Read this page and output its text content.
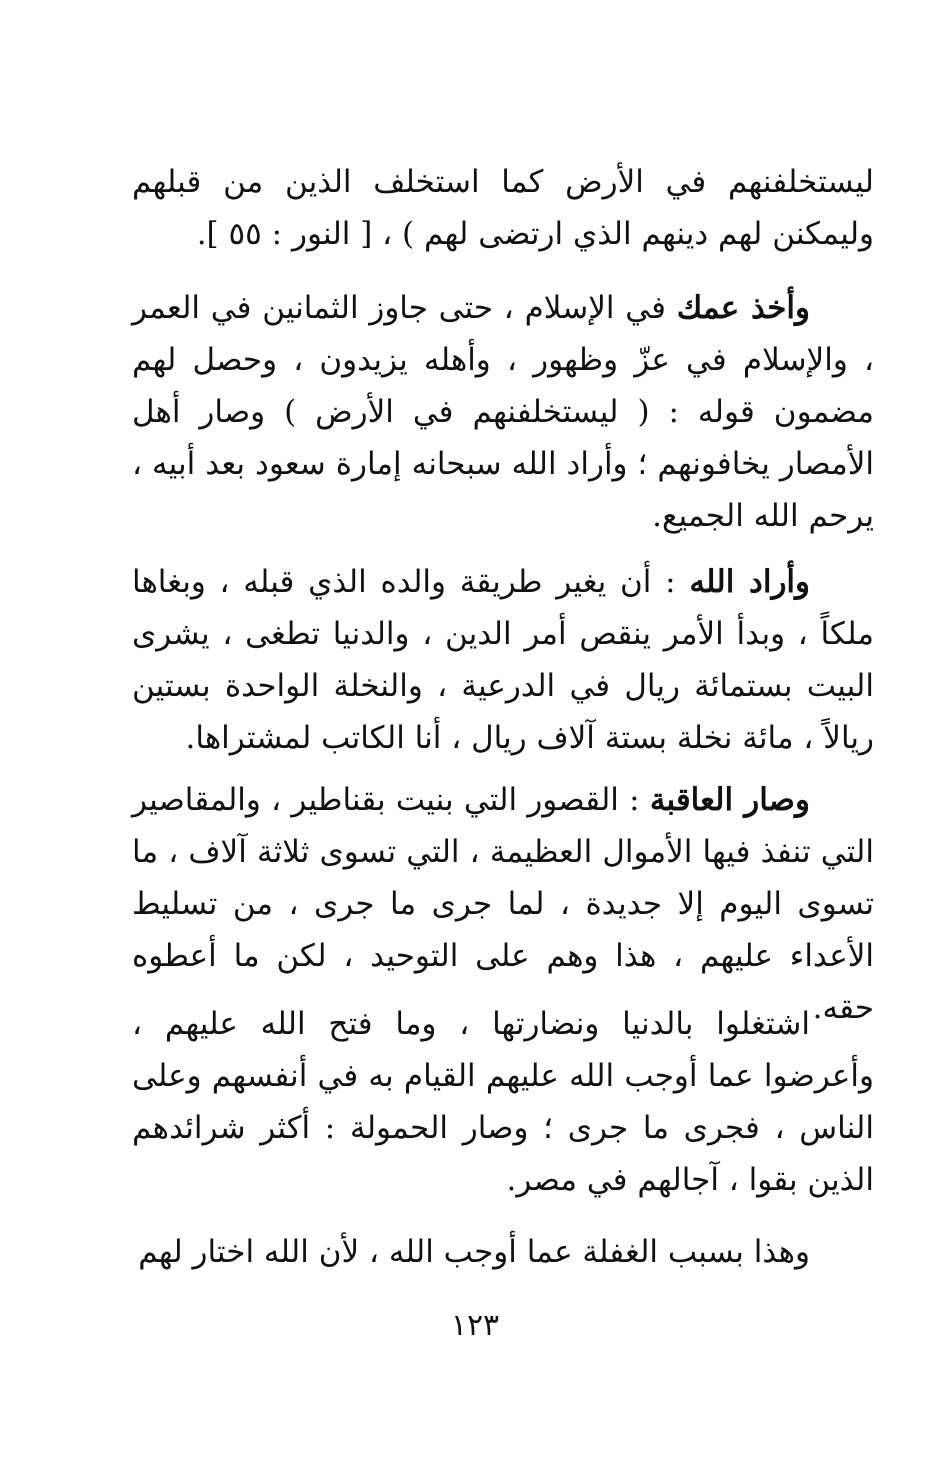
ليستخلفنهم في الأرض كما استخلف الذين من قبلهم وليمكنن لهم دينهم الذي ارتضى لهم ) ، [ النور : ٥٥ ].

وأخذ عمك في الإسلام ، حتى جاوز الثمانين في العمر ، والإسلام في عزّ وظهور ، وأهله يزيدون ، وحصل لهم مضمون قوله : ( ليستخلفنهم في الأرض ) وصار أهل الأمصار يخافونهم ؛ وأراد الله سبحانه إمارة سعود بعد أبيه ، يرحم الله الجميع.

وأراد الله : أن يغير طريقة والده الذي قبله ، وبغاها ملكاً ، وبدأ الأمر ينقص أمر الدين ، والدنيا تطغى ، يشرى البيت بستمائة ريال في الدرعية ، والنخلة الواحدة بستين ريالاً ، مائة نخلة بستة آلاف ريال ، أنا الكاتب لمشتراها.

وصار العاقبة : القصور التي بنيت بقناطير ، والمقاصير التي تنفذ فيها الأموال العظيمة ، التي تسوى ثلاثة آلاف ، ما تسوى اليوم إلا جديدة ، لما جرى ما جرى ، من تسليط الأعداء عليهم ، هذا وهم على التوحيد ، لكن ما أعطوه حقه.

اشتغلوا بالدنيا ونضارتها ، وما فتح الله عليهم ، وأعرضوا عما أوجب الله عليهم القيام به في أنفسهم وعلى الناس ، فجرى ما جرى ؛ وصار الحمولة : أكثر شرائدهم الذين بقوا ، آجالهم في مصر.

وهذا بسبب الغفلة عما أوجب الله ، لأن الله اختار لهم

١٢٣
